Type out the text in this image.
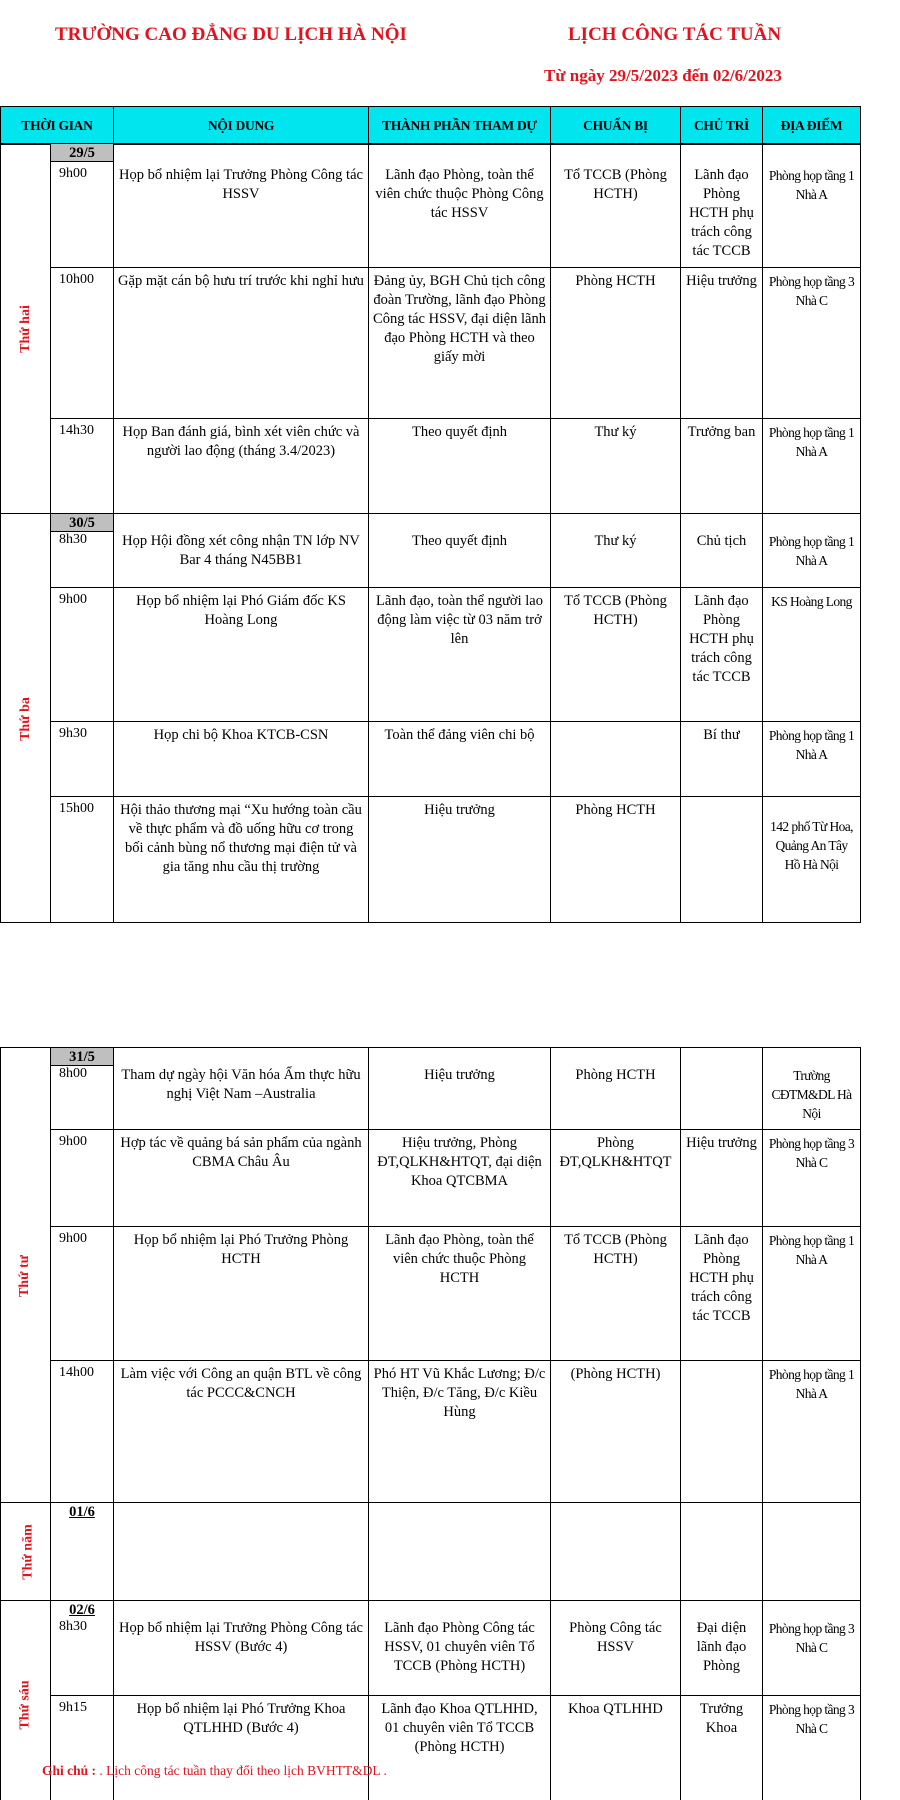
TRƯỜNG CAO ĐẲNG DU LỊCH HÀ NỘI	LỊCH CÔNG TÁC TUẦN
Từ ngày 29/5/2023 đến 02/6/2023
THỜI GIAN	NỘI DUNG	THÀNH PHẦN THAM DỰ	CHUẨN BỊ	CHỦ TRÌ	ĐỊA ĐIỂM
Thứ hai	29/5
9h00	Họp bổ nhiệm lại Trưởng Phòng Công tác HSSV	Lãnh đạo Phòng, toàn thể viên chức thuộc Phòng Công tác HSSV	Tổ TCCB (Phòng HCTH)	Lãnh đạo Phòng HCTH phụ trách công tác TCCB	Phòng họp tầng 1 Nhà A

	10h00	Gặp mặt cán bộ hưu trí trước khi nghỉ hưu	Đảng ủy, BGH Chủ tịch công đoàn Trường, lãnh đạo Phòng Công tác HSSV, đại diện lãnh đạo Phòng HCTH và theo giấy mời	Phòng HCTH	Hiệu trưởng	Phòng họp tầng 3 Nhà C

	14h30	Họp Ban đánh giá, bình xét viên chức và người lao động (tháng 3.4/2023)	Theo quyết định	Thư ký	Trưởng ban	Phòng họp tầng 1 Nhà A
Thứ ba	30/5
8h30	Họp Hội đồng xét công nhận TN lớp NV Bar 4 tháng N45BB1	Theo quyết định	Thư ký	Chủ tịch	Phòng họp tầng 1 Nhà A

	9h00	Họp bổ nhiệm lại Phó Giám đốc KS Hoàng Long	Lãnh đạo, toàn thể người lao động làm việc từ 03 năm trở lên	Tổ TCCB (Phòng HCTH)	Lãnh đạo Phòng HCTH phụ trách công tác TCCB	KS Hoàng Long

	9h30	Họp chi bộ Khoa KTCB-CSN	Toàn thể đảng viên chi bộ		Bí thư	Phòng họp tầng 1 Nhà A

	15h00	Hội thảo thương mại “Xu hướng toàn cầu về thực phẩm và đồ uống hữu cơ trong bối cảnh bùng nổ thương mại điện tử và gia tăng nhu cầu thị trường	Hiệu trưởng	Phòng HCTH		142 phố Từ Hoa, Quảng An Tây Hồ Hà Nội
Thứ tư	31/5
8h00	Tham dự ngày hội Văn hóa Ẩm thực hữu nghị Việt Nam –Australia	Hiệu trưởng	Phòng HCTH		Trường CĐTM&DL Hà Nội

	9h00	Hợp tác về quảng bá sản phẩm của ngành CBMA Châu Âu	Hiệu trưởng, Phòng ĐT,QLKH&HTQT, đại diện Khoa QTCBMA	Phòng ĐT,QLKH&HTQT	Hiệu trưởng	Phòng họp tầng 3 Nhà C

	9h00	Họp bổ nhiệm lại Phó Trưởng Phòng HCTH	Lãnh đạo Phòng, toàn thể viên chức thuộc Phòng HCTH	Tổ TCCB (Phòng HCTH)	Lãnh đạo Phòng HCTH phụ trách công tác TCCB	Phòng họp tầng 1 Nhà A

	14h00	Làm việc với Công an quận BTL về công tác PCCC&CNCH	Phó HT Vũ Khắc Lương; Đ/c Thiện, Đ/c Tăng, Đ/c Kiều Hùng	(Phòng HCTH)		Phòng họp tầng 1 Nhà A
Thứ năm	01/6					

Thứ sáu	02/6
8h30	Họp bổ nhiệm lại Trưởng Phòng Công tác HSSV (Bước 4)	Lãnh đạo Phòng Công tác HSSV, 01 chuyên viên Tổ TCCB (Phòng HCTH)	Phòng Công tác HSSV	Đại diện lãnh đạo Phòng	Phòng họp tầng 3 Nhà C

	9h15	Họp bổ nhiệm lại Phó Trưởng Khoa QTLHHD (Bước 4)	Lãnh đạo Khoa QTLHHD, 01 chuyên viên Tổ TCCB (Phòng HCTH)	Khoa QTLHHD	Trưởng Khoa	Phòng họp tầng 3 Nhà C
Ghi chú : . Lịch công tác tuần thay đổi theo lịch BVHTT&DL .
